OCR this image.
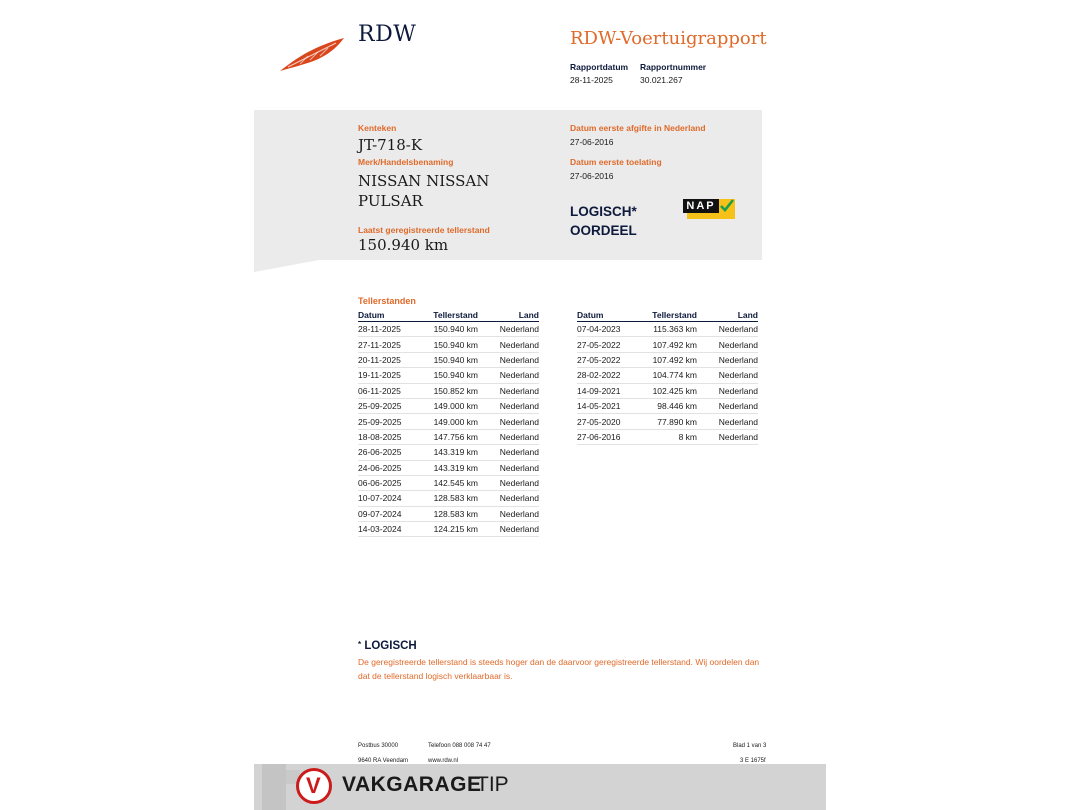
RDW	RDW-Voertuigrapport
Rapportdatum
28-11-2025
Rapportnummer
30.021.267
Kenteken
JT-718-K
Merk/Handelsbenaming
NISSAN NISSAN
PULSAR
Laatst geregistreerde tellerstand
150.940 km
Datum eerste afgifte in Nederland
27-06-2016
Datum eerste toelating
27-06-2016
LOGISCH*
OORDEEL
NAP
Tellerstanden
Datum	Tellerstand	Land
28-11-2025	150.940 km	Nederland
27-11-2025	150.940 km	Nederland
20-11-2025	150.940 km	Nederland
19-11-2025	150.940 km	Nederland
06-11-2025	150.852 km	Nederland
25-09-2025	149.000 km	Nederland
25-09-2025	149.000 km	Nederland
18-08-2025	147.756 km	Nederland
26-06-2025	143.319 km	Nederland
24-06-2025	143.319 km	Nederland
06-06-2025	142.545 km	Nederland
10-07-2024	128.583 km	Nederland
09-07-2024	128.583 km	Nederland
14-03-2024	124.215 km	Nederland
Datum	Tellerstand	Land
07-04-2023	115.363 km	Nederland
27-05-2022	107.492 km	Nederland
27-05-2022	107.492 km	Nederland
28-02-2022	104.774 km	Nederland
14-09-2021	102.425 km	Nederland
14-05-2021	98.446 km	Nederland
27-05-2020	77.890 km	Nederland
27-06-2016	8 km	Nederland
* LOGISCH
De geregistreerde tellerstand is steeds hoger dan de daarvoor geregistreerde tellerstand. Wij oordelen dan dat de tellerstand logisch verklaarbaar is.
Postbus 30000
9640 RA Veendam
Telefoon 088 008 74 47
www.rdw.nl
Blad 1 van 3
3 E 1675f
V VAKGARAGE
TIP
